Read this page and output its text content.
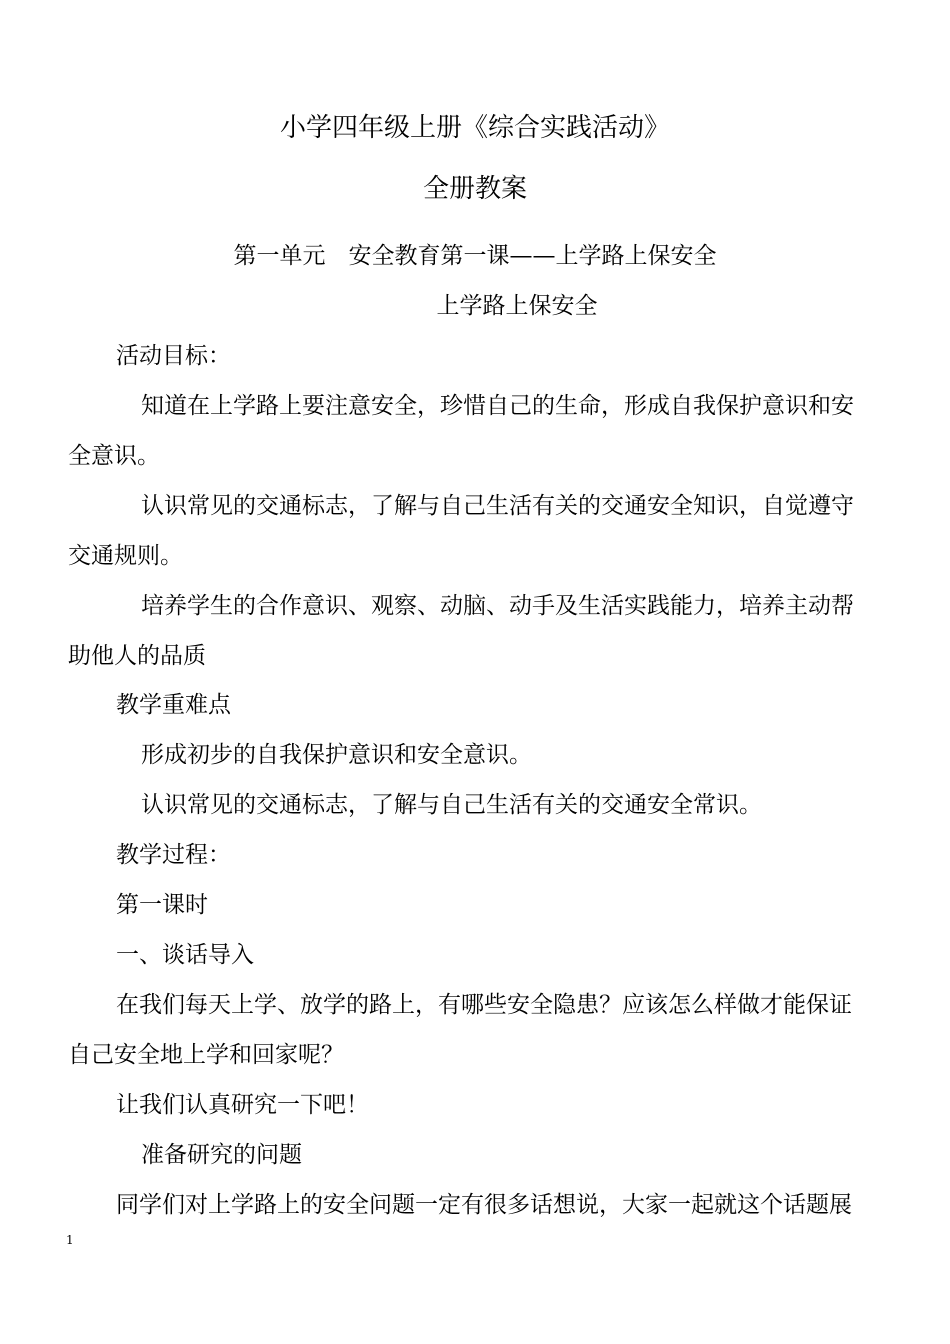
小学四年级上册《综合实践活动》
全册教案
第一单元　安全教育第一课——上学路上保安全
上学路上保安全
活动目标：
知道在上学路上要注意安全，珍惜自己的生命，形成自我保护意识和安
全意识。
认识常见的交通标志，了解与自己生活有关的交通安全知识，自觉遵守
交通规则。
培养学生的合作意识、观察、动脑、动手及生活实践能力，培养主动帮
助他人的品质
教学重难点
形成初步的自我保护意识和安全意识。
认识常见的交通标志，了解与自己生活有关的交通安全常识。
教学过程：
第一课时
一、谈话导入
在我们每天上学、放学的路上，有哪些安全隐患？应该怎么样做才能保证
自己安全地上学和回家呢？
让我们认真研究一下吧！
准备研究的问题
同学们对上学路上的安全问题一定有很多话想说，大家一起就这个话题展
1
